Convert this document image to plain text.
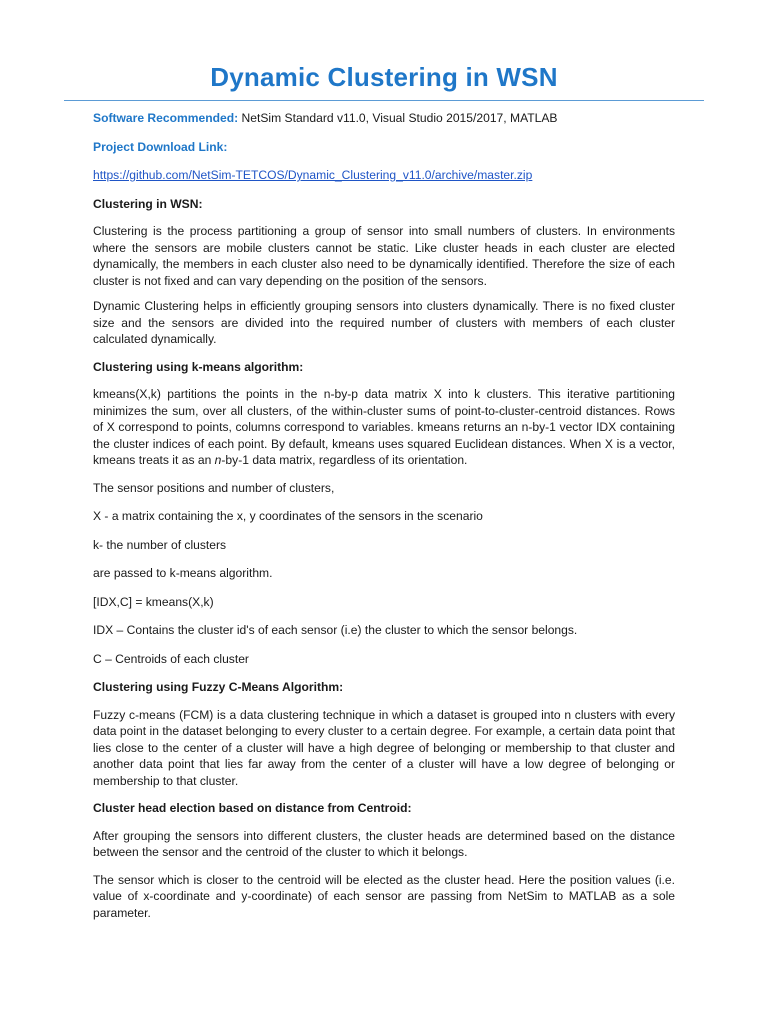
Dynamic Clustering in WSN

Software Recommended: NetSim Standard v11.0, Visual Studio 2015/2017, MATLAB

Project Download Link:

https://github.com/NetSim-TETCOS/Dynamic_Clustering_v11.0/archive/master.zip

Clustering in WSN:

Clustering is the process partitioning a group of sensor into small numbers of clusters. In environments where the sensors are mobile clusters cannot be static. Like cluster heads in each cluster are elected dynamically, the members in each cluster also need to be dynamically identified. Therefore the size of each cluster is not fixed and can vary depending on the position of the sensors.

Dynamic Clustering helps in efficiently grouping sensors into clusters dynamically. There is no fixed cluster size and the sensors are divided into the required number of clusters with members of each cluster calculated dynamically.

Clustering using k-means algorithm:

kmeans(X,k) partitions the points in the n-by-p data matrix X into k clusters. This iterative partitioning minimizes the sum, over all clusters, of the within-cluster sums of point-to-cluster-centroid distances. Rows of X correspond to points, columns correspond to variables. kmeans returns an n-by-1 vector IDX containing the cluster indices of each point. By default, kmeans uses squared Euclidean distances. When X is a vector, kmeans treats it as an n-by-1 data matrix, regardless of its orientation.

The sensor positions and number of clusters,

X - a matrix containing the x, y coordinates of the sensors in the scenario

k- the number of clusters

are passed to k-means algorithm.

[IDX,C] = kmeans(X,k)

IDX – Contains the cluster id's of each sensor (i.e) the cluster to which the sensor belongs.

C – Centroids of each cluster

Clustering using Fuzzy C-Means Algorithm:

Fuzzy c-means (FCM) is a data clustering technique in which a dataset is grouped into n clusters with every data point in the dataset belonging to every cluster to a certain degree. For example, a certain data point that lies close to the center of a cluster will have a high degree of belonging or membership to that cluster and another data point that lies far away from the center of a cluster will have a low degree of belonging or membership to that cluster.

Cluster head election based on distance from Centroid:

After grouping the sensors into different clusters, the cluster heads are determined based on the distance between the sensor and the centroid of the cluster to which it belongs.

The sensor which is closer to the centroid will be elected as the cluster head. Here the position values (i.e. value of x-coordinate and y-coordinate) of each sensor are passing from NetSim to MATLAB as a sole parameter.
